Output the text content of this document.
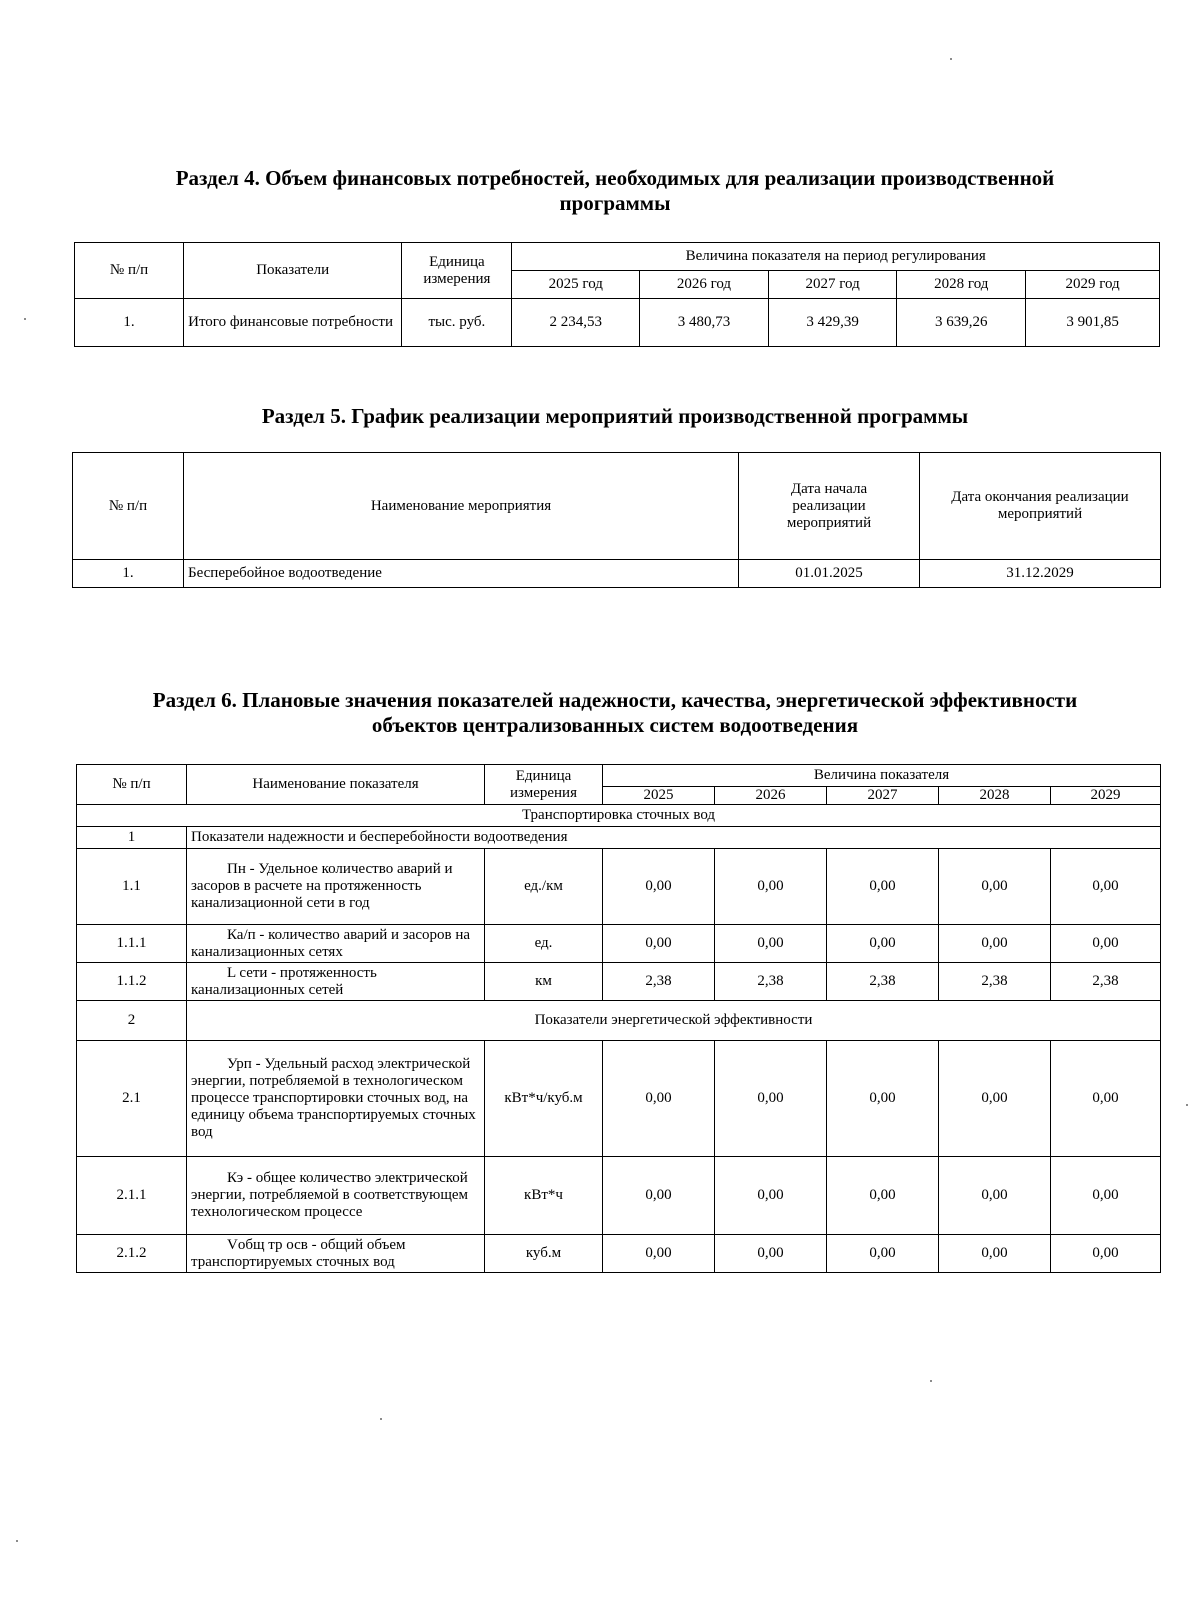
Раздел 4. Объем финансовых потребностей, необходимых для реализации производственной
программы
№ п/п	Показатели	Единица измерения	Величина показателя на период регулирования				
			2025 год	2026 год	2027 год	2028 год	2029 год
1.	Итого финансовые потребности	тыс. руб.	2 234,53	3 480,73	3 429,39	3 639,26	3 901,85
Раздел 5. График реализации мероприятий производственной программы
№ п/п	Наименование мероприятия	Дата начала реализации мероприятий	Дата окончания реализации мероприятий
1.	Бесперебойное водоотведение	01.01.2025	31.12.2029
Раздел 6. Плановые значения показателей надежности, качества, энергетической эффективности
объектов централизованных систем водоотведения
№ п/п	Наименование показателя	Единица измерения	Величина показателя				
			2025	2026	2027	2028	2029
Транспортировка сточных вод							
1	Показатели надежности и бесперебойности водоотведения						
1.1	Пн - Удельное количество аварий и засоров в расчете на протяженность канализационной сети в год	ед./км	0,00	0,00	0,00	0,00	0,00
1.1.1	Ка/п - количество аварий и засоров на канализационных сетях	ед.	0,00	0,00	0,00	0,00	0,00
1.1.2	L сети - протяженность канализационных сетей	км	2,38	2,38	2,38	2,38	2,38
2	Показатели энергетической эффективности						
2.1	Урп - Удельный расход электрической энергии, потребляемой в технологическом процессе транспортировки сточных вод, на единицу объема транспортируемых сточных вод	кВт*ч/куб.м	0,00	0,00	0,00	0,00	0,00
2.1.1	Кэ - общее количество электрической энергии, потребляемой в соответствующем технологическом процессе	кВт*ч	0,00	0,00	0,00	0,00	0,00
2.1.2	Vобщ тр осв - общий объем транспортируемых сточных вод	куб.м	0,00	0,00	0,00	0,00	0,00
